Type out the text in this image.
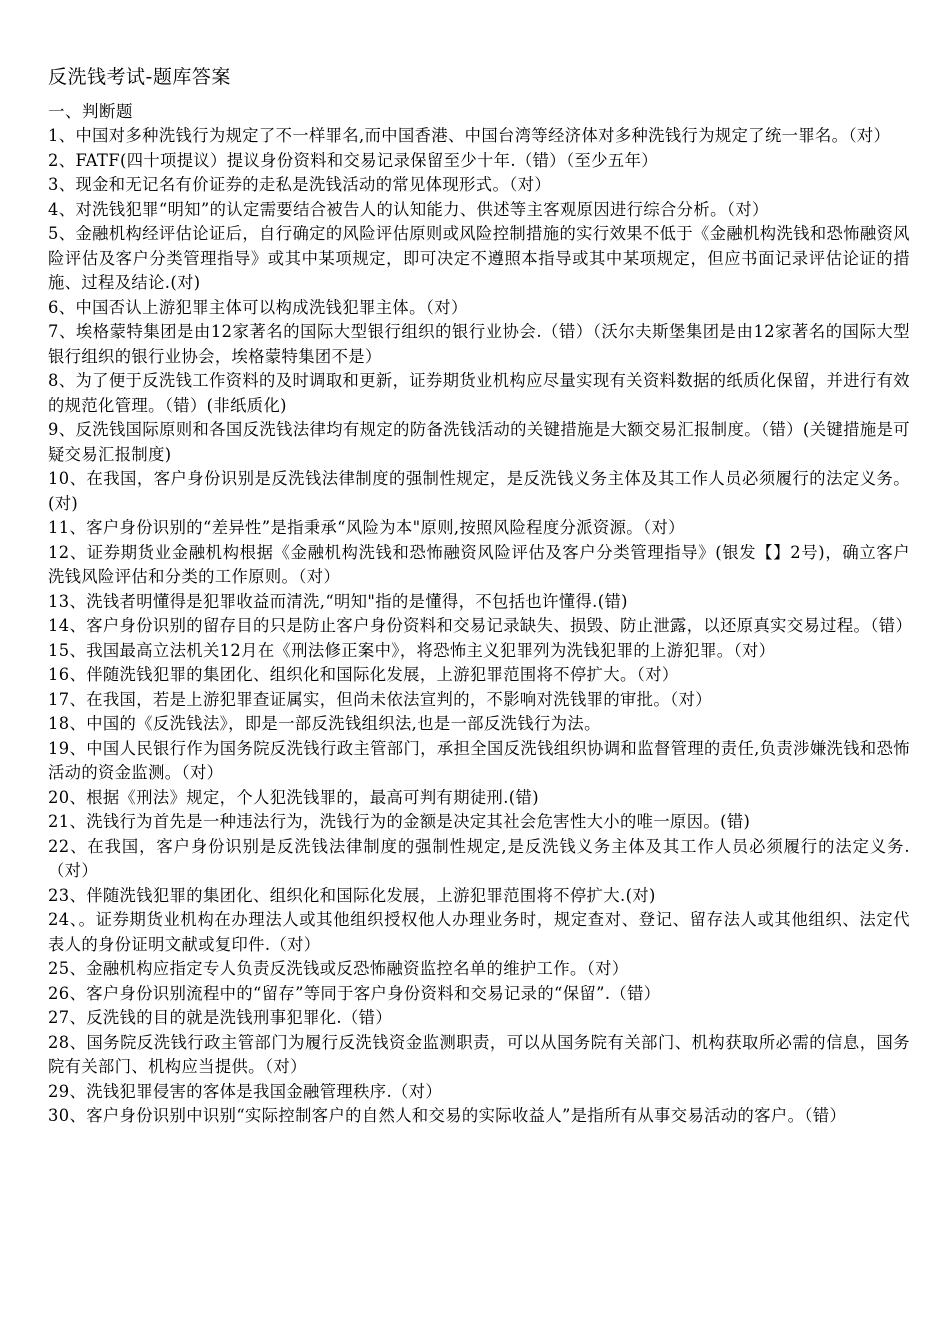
反洗钱考试-题库答案

一、判断题

1、中国对多种洗钱行为规定了不一样罪名,而中国香港、中国台湾等经济体对多种洗钱行为规定了统一罪名。（对）

2、FATF(四十项提议）提议身份资料和交易记录保留至少十年.（错）（至少五年）

3、现金和无记名有价证券的走私是洗钱活动的常见体现形式。（对）

4、对洗钱犯罪“明知”的认定需要结合被告人的认知能力、供述等主客观原因进行综合分析。（对）

5、金融机构经评估论证后，自行确定的风险评估原则或风险控制措施的实行效果不低于《金融机构洗钱和恐怖融资风险评估及客户分类管理指导》或其中某项规定，即可决定不遵照本指导或其中某项规定，但应书面记录评估论证的措施、过程及结论.(对)

6、中国否认上游犯罪主体可以构成洗钱犯罪主体。（对）

7、埃格蒙特集团是由12家著名的国际大型银行组织的银行业协会.（错）（沃尔夫斯堡集团是由12家著名的国际大型银行组织的银行业协会，埃格蒙特集团不是）

8、为了便于反洗钱工作资料的及时调取和更新，证券期货业机构应尽量实现有关资料数据的纸质化保留，并进行有效的规范化管理。（错）(非纸质化)

9、反洗钱国际原则和各国反洗钱法律均有规定的防备洗钱活动的关键措施是大额交易汇报制度。（错）(关键措施是可疑交易汇报制度)

10、在我国，客户身份识别是反洗钱法律制度的强制性规定，是反洗钱义务主体及其工作人员必须履行的法定义务。(对)

11、客户身份识别的“差异性”是指秉承“风险为本"原则,按照风险程度分派资源。（对）

12、证券期货业金融机构根据《金融机构洗钱和恐怖融资风险评估及客户分类管理指导》(银发【】2号)，确立客户洗钱风险评估和分类的工作原则。（对）

13、洗钱者明懂得是犯罪收益而清洗,“明知"指的是懂得，不包括也许懂得.(错)

14、客户身份识别的留存目的只是防止客户身份资料和交易记录缺失、损毁、防止泄露，以还原真实交易过程。（错）

15、我国最高立法机关12月在《刑法修正案中》，将恐怖主义犯罪列为洗钱犯罪的上游犯罪。（对）

16、伴随洗钱犯罪的集团化、组织化和国际化发展，上游犯罪范围将不停扩大。（对）

17、在我国，若是上游犯罪查证属实，但尚未依法宣判的，不影响对洗钱罪的审批。（对）

18、中国的《反洗钱法》，即是一部反洗钱组织法,也是一部反洗钱行为法。

19、中国人民银行作为国务院反洗钱行政主管部门，承担全国反洗钱组织协调和监督管理的责任,负责涉嫌洗钱和恐怖活动的资金监测。（对）

20、根据《刑法》规定，个人犯洗钱罪的，最高可判有期徒刑.(错)

21、洗钱行为首先是一种违法行为，洗钱行为的金额是决定其社会危害性大小的唯一原因。(错)

22、在我国，客户身份识别是反洗钱法律制度的强制性规定,是反洗钱义务主体及其工作人员必须履行的法定义务.（对）

23、伴随洗钱犯罪的集团化、组织化和国际化发展，上游犯罪范围将不停扩大.(对)

24、。证券期货业机构在办理法人或其他组织授权他人办理业务时，规定查对、登记、留存法人或其他组织、法定代表人的身份证明文献或复印件.（对）

25、金融机构应指定专人负责反洗钱或反恐怖融资监控名单的维护工作。（对）

26、客户身份识别流程中的“留存”等同于客户身份资料和交易记录的“保留”.（错）

27、反洗钱的目的就是洗钱刑事犯罪化.（错）

28、国务院反洗钱行政主管部门为履行反洗钱资金监测职责，可以从国务院有关部门、机构获取所必需的信息，国务院有关部门、机构应当提供。（对）

29、洗钱犯罪侵害的客体是我国金融管理秩序.（对）

30、客户身份识别中识别“实际控制客户的自然人和交易的实际收益人”是指所有从事交易活动的客户。（错）
